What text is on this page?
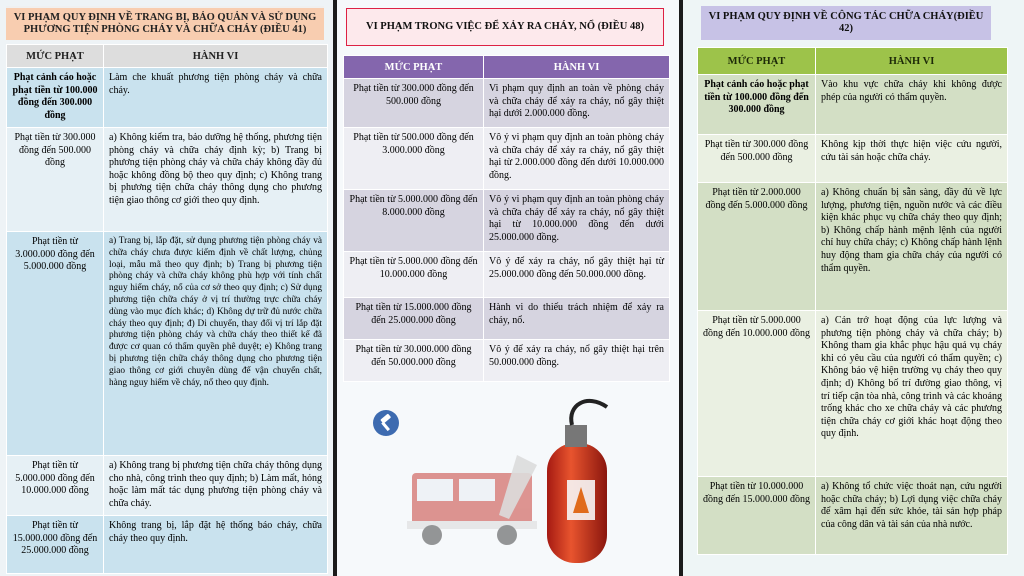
VI PHẠM QUY ĐỊNH VỀ TRANG BỊ, BẢO QUẢN VÀ SỬ DỤNG PHƯƠNG TIỆN PHÒNG CHÁY VÀ CHỮA CHÁY (ĐIỀU 41)
MỨC PHẠT	HÀNH VI
Phạt cảnh cáo hoặc phạt tiền từ 100.000 đồng đến 300.000 đồng	Làm che khuất phương tiện phòng cháy và chữa cháy.
Phạt tiền từ 300.000 đồng đến 500.000 đồng	a) Không kiểm tra, bảo dưỡng hệ thống, phương tiện phòng cháy và chữa cháy định kỳ; b) Trang bị phương tiện phòng cháy và chữa cháy không đầy đủ hoặc không đồng bộ theo quy định; c) Không trang bị phương tiện chữa cháy thông dụng cho phương tiện giao thông cơ giới theo quy định.
Phạt tiền từ 3.000.000 đồng đến 5.000.000 đồng	a) Trang bị, lắp đặt, sử dụng phương tiện phòng cháy và chữa cháy chưa được kiểm định về chất lượng, chủng loại, mẫu mã theo quy định; b) Trang bị phương tiện phòng cháy và chữa cháy không phù hợp với tính chất nguy hiểm cháy, nổ của cơ sở theo quy định; c) Sử dụng phương tiện chữa cháy ở vị trí thường trực chữa cháy dùng vào mục đích khác; d) Không dự trữ đủ nước chữa cháy theo quy định; đ) Di chuyển, thay đổi vị trí lắp đặt phương tiện phòng cháy và chữa cháy theo thiết kế đã được cơ quan có thẩm quyền phê duyệt; e) Không trang bị phương tiện chữa cháy thông dụng cho phương tiện giao thông cơ giới chuyên dùng để vận chuyển chất, hàng nguy hiểm về cháy, nổ theo quy định.
Phạt tiền từ 5.000.000 đồng đến 10.000.000 đồng	a) Không trang bị phương tiện chữa cháy thông dụng cho nhà, công trình theo quy định; b) Làm mất, hỏng hoặc làm mất tác dụng phương tiện phòng cháy và chữa cháy.
Phạt tiền từ 15.000.000 đồng đến 25.000.000 đồng	Không trang bị, lắp đặt hệ thống báo cháy, chữa cháy theo quy định.
VI PHẠM TRONG VIỆC ĐỂ XẢY RA CHÁY, NỔ (ĐIỀU 48)
MỨC PHẠT	HÀNH VI
Phạt tiền từ 300.000 đồng đến 500.000 đồng	Vi phạm quy định an toàn về phòng cháy và chữa cháy để xảy ra cháy, nổ gây thiệt hại dưới 2.000.000 đồng.
Phạt tiền từ 500.000 đồng đến 3.000.000 đồng	Vô ý vi phạm quy định an toàn phòng cháy và chữa cháy để xảy ra cháy, nổ gây thiệt hại từ 2.000.000 đồng đến dưới 10.000.000 đồng.
Phạt tiền từ 5.000.000 đồng đến 8.000.000 đồng	Vô ý vi phạm quy định an toàn phòng cháy và chữa cháy để xảy ra cháy, nổ gây thiệt hại từ 10.000.000 đồng đến dưới 25.000.000 đồng.
Phạt tiền từ 5.000.000 đồng đến 10.000.000 đồng	Vô ý để xảy ra cháy, nổ gây thiệt hại từ 25.000.000 đồng đến 50.000.000 đồng.
Phạt tiền từ 15.000.000 đồng đến 25.000.000 đồng	Hành vi do thiếu trách nhiệm để xảy ra cháy, nổ.
Phạt tiền từ 30.000.000 đồng đến 50.000.000 đồng	Vô ý để xảy ra cháy, nổ gây thiệt hại trên 50.000.000 đồng.
VI PHẠM QUY ĐỊNH VỀ CÔNG TÁC CHỮA CHÁY(ĐIỀU 42)
MỨC PHẠT	HÀNH VI
Phạt cảnh cáo hoặc phạt tiền từ 100.000 đồng đến 300.000 đồng	Vào khu vực chữa cháy khi không được phép của người có thẩm quyền.
Phạt tiền từ 300.000 đồng đến 500.000 đồng	Không kịp thời thực hiện việc cứu người, cứu tài sản hoặc chữa cháy.
Phạt tiền từ 2.000.000 đồng đến 5.000.000 đồng	a) Không chuẩn bị sẵn sàng, đầy đủ về lực lượng, phương tiện, nguồn nước và các điều kiện khác phục vụ chữa cháy theo quy định; b) Không chấp hành mệnh lệnh của người chỉ huy chữa cháy; c) Không chấp hành lệnh huy động tham gia chữa cháy của người có thẩm quyền.
Phạt tiền từ 5.000.000 đồng đến 10.000.000 đồng	a) Cản trở hoạt động của lực lượng và phương tiện phòng cháy và chữa cháy; b) Không tham gia khắc phục hậu quả vụ cháy khi có yêu cầu của người có thẩm quyền; c) Không bảo vệ hiện trường vụ cháy theo quy định; d) Không bố trí đường giao thông, vị trí tiếp cận tòa nhà, công trình và các khoảng trống khác cho xe chữa cháy và các phương tiện chữa cháy cơ giới khác hoạt động theo quy định.
Phạt tiền từ 10.000.000 đồng đến 15.000.000 đồng	a) Không tổ chức việc thoát nạn, cứu người hoặc chữa cháy; b) Lợi dụng việc chữa cháy để xâm hại đến sức khỏe, tài sản hợp pháp của công dân và tài sản của nhà nước.
